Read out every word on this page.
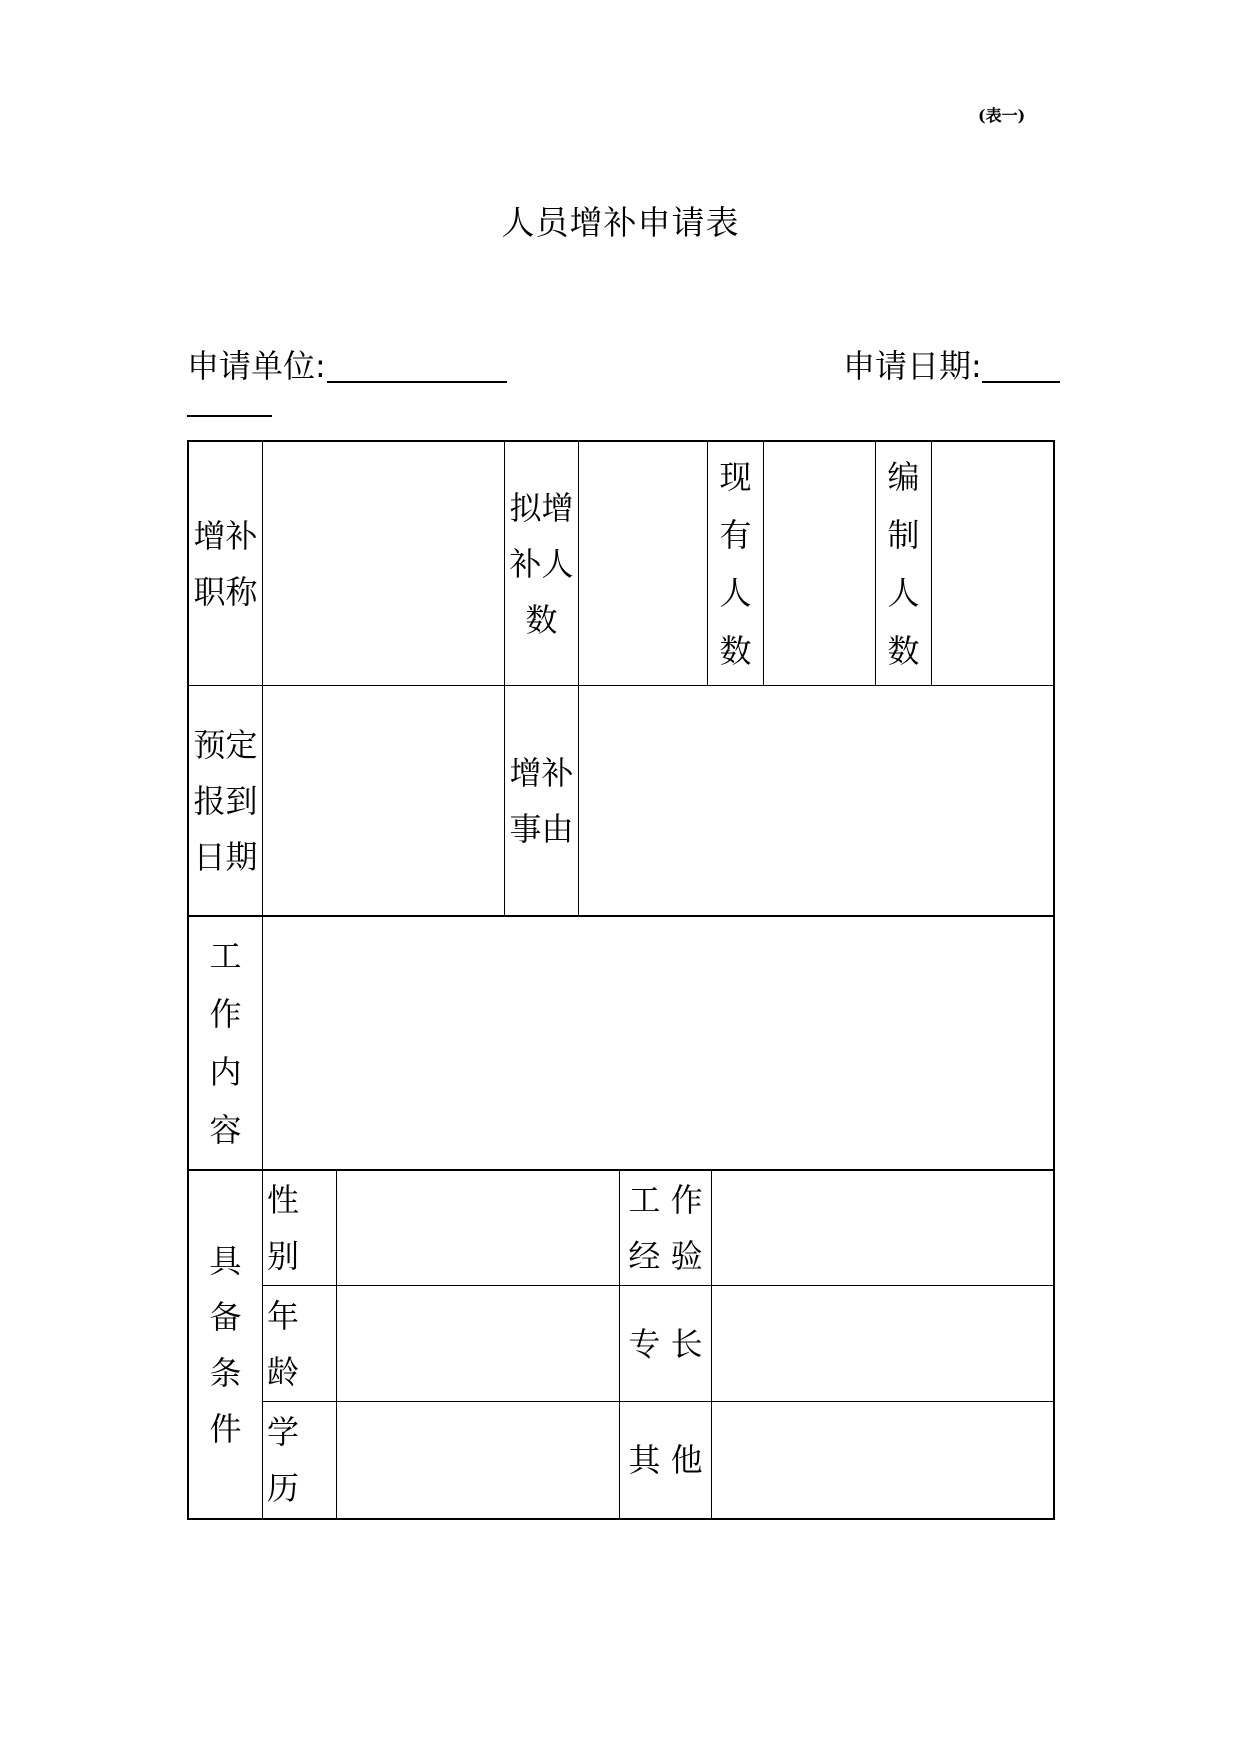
(表一)
人员增补申请表
申请单位:	申请日期:
增补职称
拟增补人数
现有人数
编制人数
预定报到日期
增补事由
工作内容
具备条件
性别
工 作 经 验
年龄
专 长
学历
其 他
